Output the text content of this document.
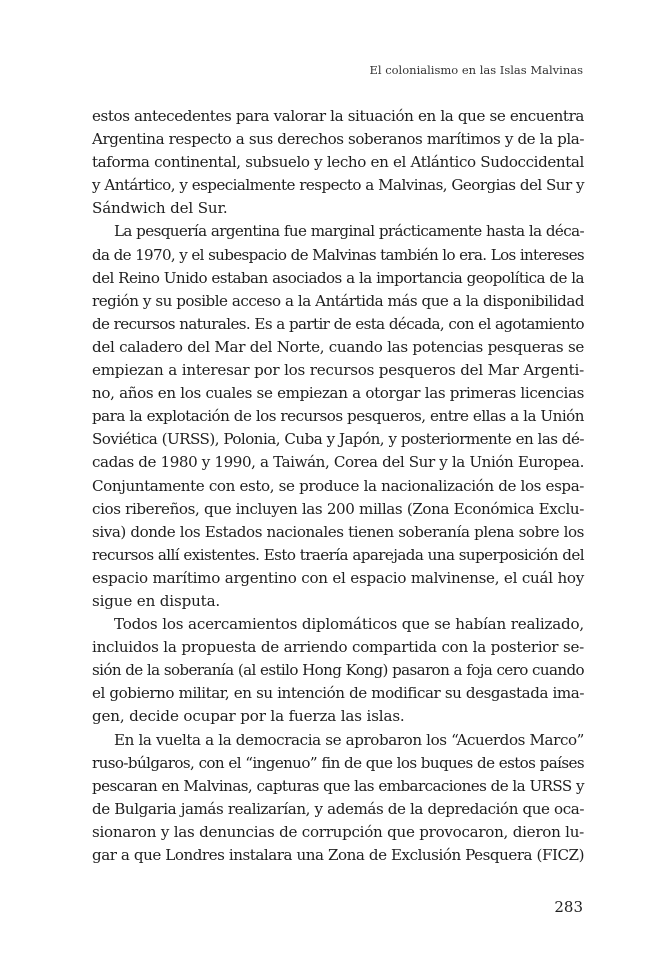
El colonialismo en las Islas Malvinas
estos antecedentes para valorar la situación en la que se encuentra
Argentina respecto a sus derechos soberanos marítimos y de la pla-
taforma continental, subsuelo y lecho en el Atlántico Sudoccidental
y Antártico, y especialmente respecto a Malvinas, Georgias del Sur y
Sándwich del Sur.
La pesquería argentina fue marginal prácticamente hasta la déca-
da de 1970, y el subespacio de Malvinas también lo era. Los intereses
del Reino Unido estaban asociados a la importancia geopolítica de la
región y su posible acceso a la Antártida más que a la disponibilidad
de recursos naturales. Es a partir de esta década, con el agotamiento
del caladero del Mar del Norte, cuando las potencias pesqueras se
empiezan a interesar por los recursos pesqueros del Mar Argenti-
no, años en los cuales se empiezan a otorgar las primeras licencias
para la explotación de los recursos pesqueros, entre ellas a la Unión
Soviética (URSS), Polonia, Cuba y Japón, y posteriormente en las dé-
cadas de 1980 y 1990, a Taiwán, Corea del Sur y la Unión Europea.
Conjuntamente con esto, se produce la nacionalización de los espa-
cios ribereños, que incluyen las 200 millas (Zona Económica Exclu-
siva) donde los Estados nacionales tienen soberanía plena sobre los
recursos allí existentes. Esto traería aparejada una superposición del
espacio marítimo argentino con el espacio malvinense, el cuál hoy
sigue en disputa.
Todos los acercamientos diplomáticos que se habían realizado,
incluidos la propuesta de arriendo compartida con la posterior se-
sión de la soberanía (al estilo Hong Kong) pasaron a foja cero cuando
el gobierno militar, en su intención de modificar su desgastada ima-
gen, decide ocupar por la fuerza las islas.
En la vuelta a la democracia se aprobaron los “Acuerdos Marco”
ruso-búlgaros, con el “ingenuo” fin de que los buques de estos países
pescaran en Malvinas, capturas que las embarcaciones de la URSS y
de Bulgaria jamás realizarían, y además de la depredación que oca-
sionaron y las denuncias de corrupción que provocaron, dieron lu-
gar a que Londres instalara una Zona de Exclusión Pesquera (FICZ)
283
